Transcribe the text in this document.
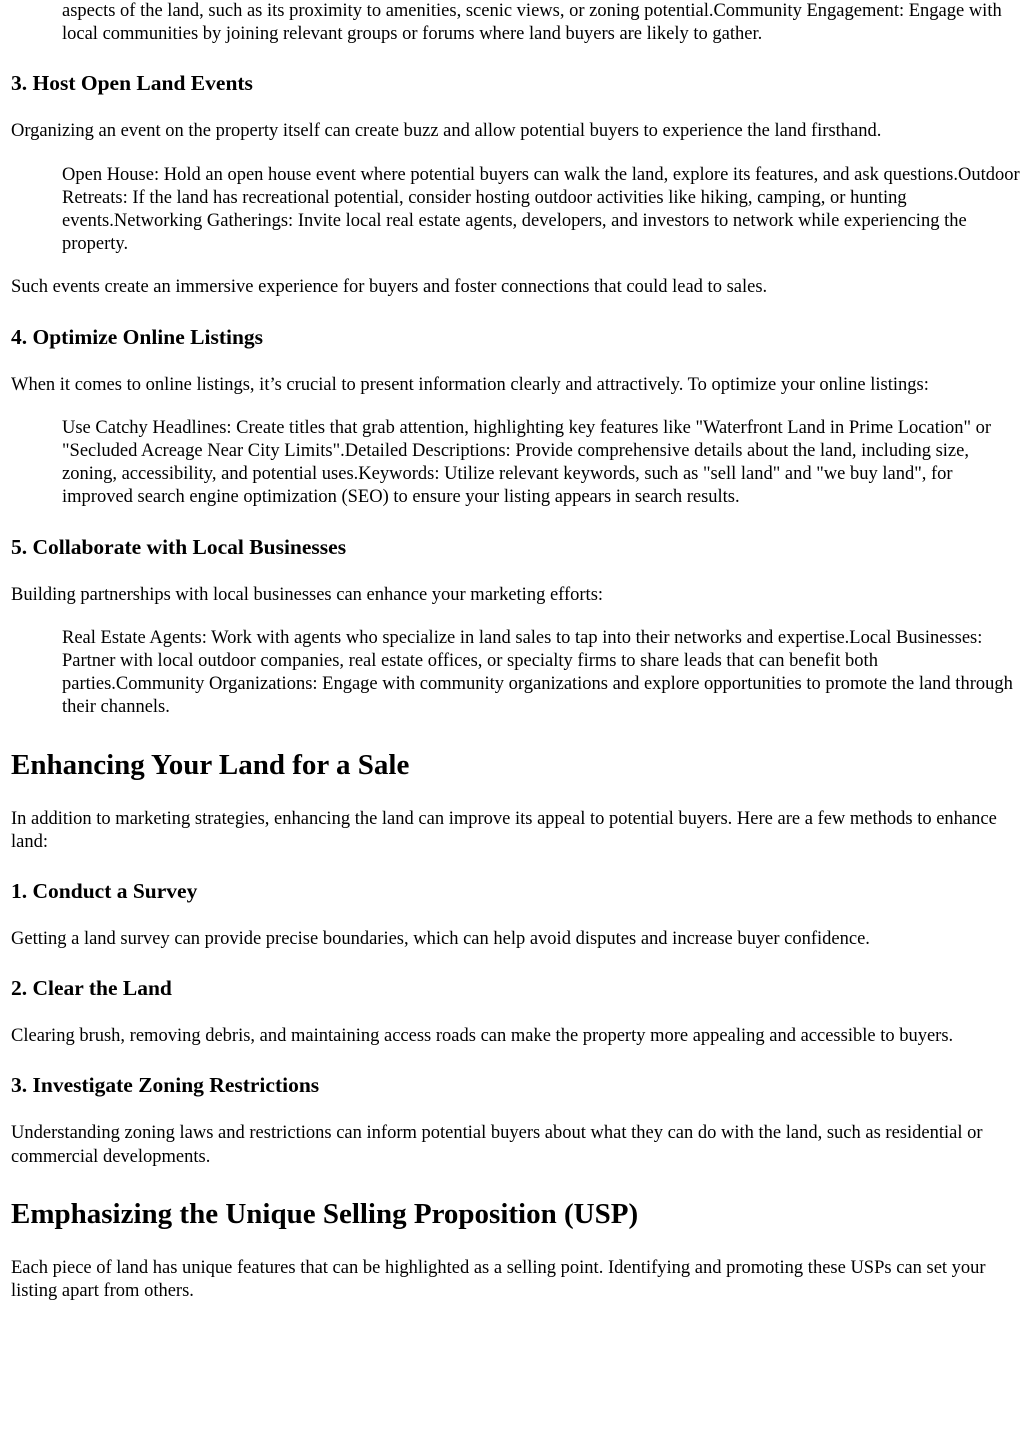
aspects of the land, such as its proximity to amenities, scenic views, or zoning potential.Community Engagement: Engage with local communities by joining relevant groups or forums where land buyers are likely to gather.

3. Host Open Land Events

Organizing an event on the property itself can create buzz and allow potential buyers to experience the land firsthand.

Open House: Hold an open house event where potential buyers can walk the land, explore its features, and ask questions.Outdoor Retreats: If the land has recreational potential, consider hosting outdoor activities like hiking, camping, or hunting events.Networking Gatherings: Invite local real estate agents, developers, and investors to network while experiencing the property.

Such events create an immersive experience for buyers and foster connections that could lead to sales.

4. Optimize Online Listings

When it comes to online listings, it’s crucial to present information clearly and attractively. To optimize your online listings:

Use Catchy Headlines: Create titles that grab attention, highlighting key features like "Waterfront Land in Prime Location" or "Secluded Acreage Near City Limits".Detailed Descriptions: Provide comprehensive details about the land, including size, zoning, accessibility, and potential uses.Keywords: Utilize relevant keywords, such as "sell land" and "we buy land", for improved search engine optimization (SEO) to ensure your listing appears in search results.

5. Collaborate with Local Businesses

Building partnerships with local businesses can enhance your marketing efforts:

Real Estate Agents: Work with agents who specialize in land sales to tap into their networks and expertise.Local Businesses: Partner with local outdoor companies, real estate offices, or specialty firms to share leads that can benefit both parties.Community Organizations: Engage with community organizations and explore opportunities to promote the land through their channels.

Enhancing Your Land for a Sale

In addition to marketing strategies, enhancing the land can improve its appeal to potential buyers. Here are a few methods to enhance land:

1. Conduct a Survey

Getting a land survey can provide precise boundaries, which can help avoid disputes and increase buyer confidence.

2. Clear the Land

Clearing brush, removing debris, and maintaining access roads can make the property more appealing and accessible to buyers.

3. Investigate Zoning Restrictions

Understanding zoning laws and restrictions can inform potential buyers about what they can do with the land, such as residential or commercial developments.

Emphasizing the Unique Selling Proposition (USP)

Each piece of land has unique features that can be highlighted as a selling point. Identifying and promoting these USPs can set your listing apart from others.
